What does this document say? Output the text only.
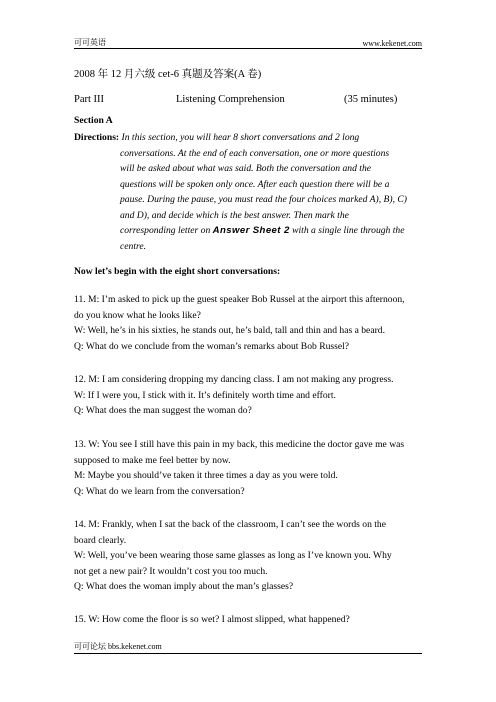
可可英语	www.kekenet.com
2008 年 12 月六级 cet-6 真题及答案(A 卷)
Part III	Listening Comprehension	(35 minutes)
Section A
Directions: In this section, you will hear 8 short conversations and 2 long
conversations. At the end of each conversation, one or more questions
will be asked about what was said. Both the conversation and the
questions will be spoken only once. After each question there will be a
pause. During the pause, you must read the four choices marked A), B), C)
and D), and decide which is the best answer. Then mark the
corresponding letter on Answer Sheet 2 with a single line through the
centre.
Now let’s begin with the eight short conversations:

11. M: I’m asked to pick up the guest speaker Bob Russel at the airport this afternoon,

do you know what he looks like?

W: Well, he’s in his sixties, he stands out, he’s bald, tall and thin and has a beard.

Q: What do we conclude from the woman’s remarks about Bob Russel?

12. M: I am considering dropping my dancing class. I am not making any progress.

W: If I were you, I stick with it. It’s definitely worth time and effort.

Q: What does the man suggest the woman do?

13. W: You see I still have this pain in my back, this medicine the doctor gave me was

supposed to make me feel better by now.

M: Maybe you should’ve taken it three times a day as you were told.

Q: What do we learn from the conversation?

14. M: Frankly, when I sat the back of the classroom, I can’t see the words on the

board clearly.

W: Well, you’ve been wearing those same glasses as long as I’ve known you. Why

not get a new pair? It wouldn’t cost you too much.

Q: What does the woman imply about the man’s glasses?

15. W: How come the floor is so wet? I almost slipped, what happened?

可可论坛 bbs.kekenet.com
